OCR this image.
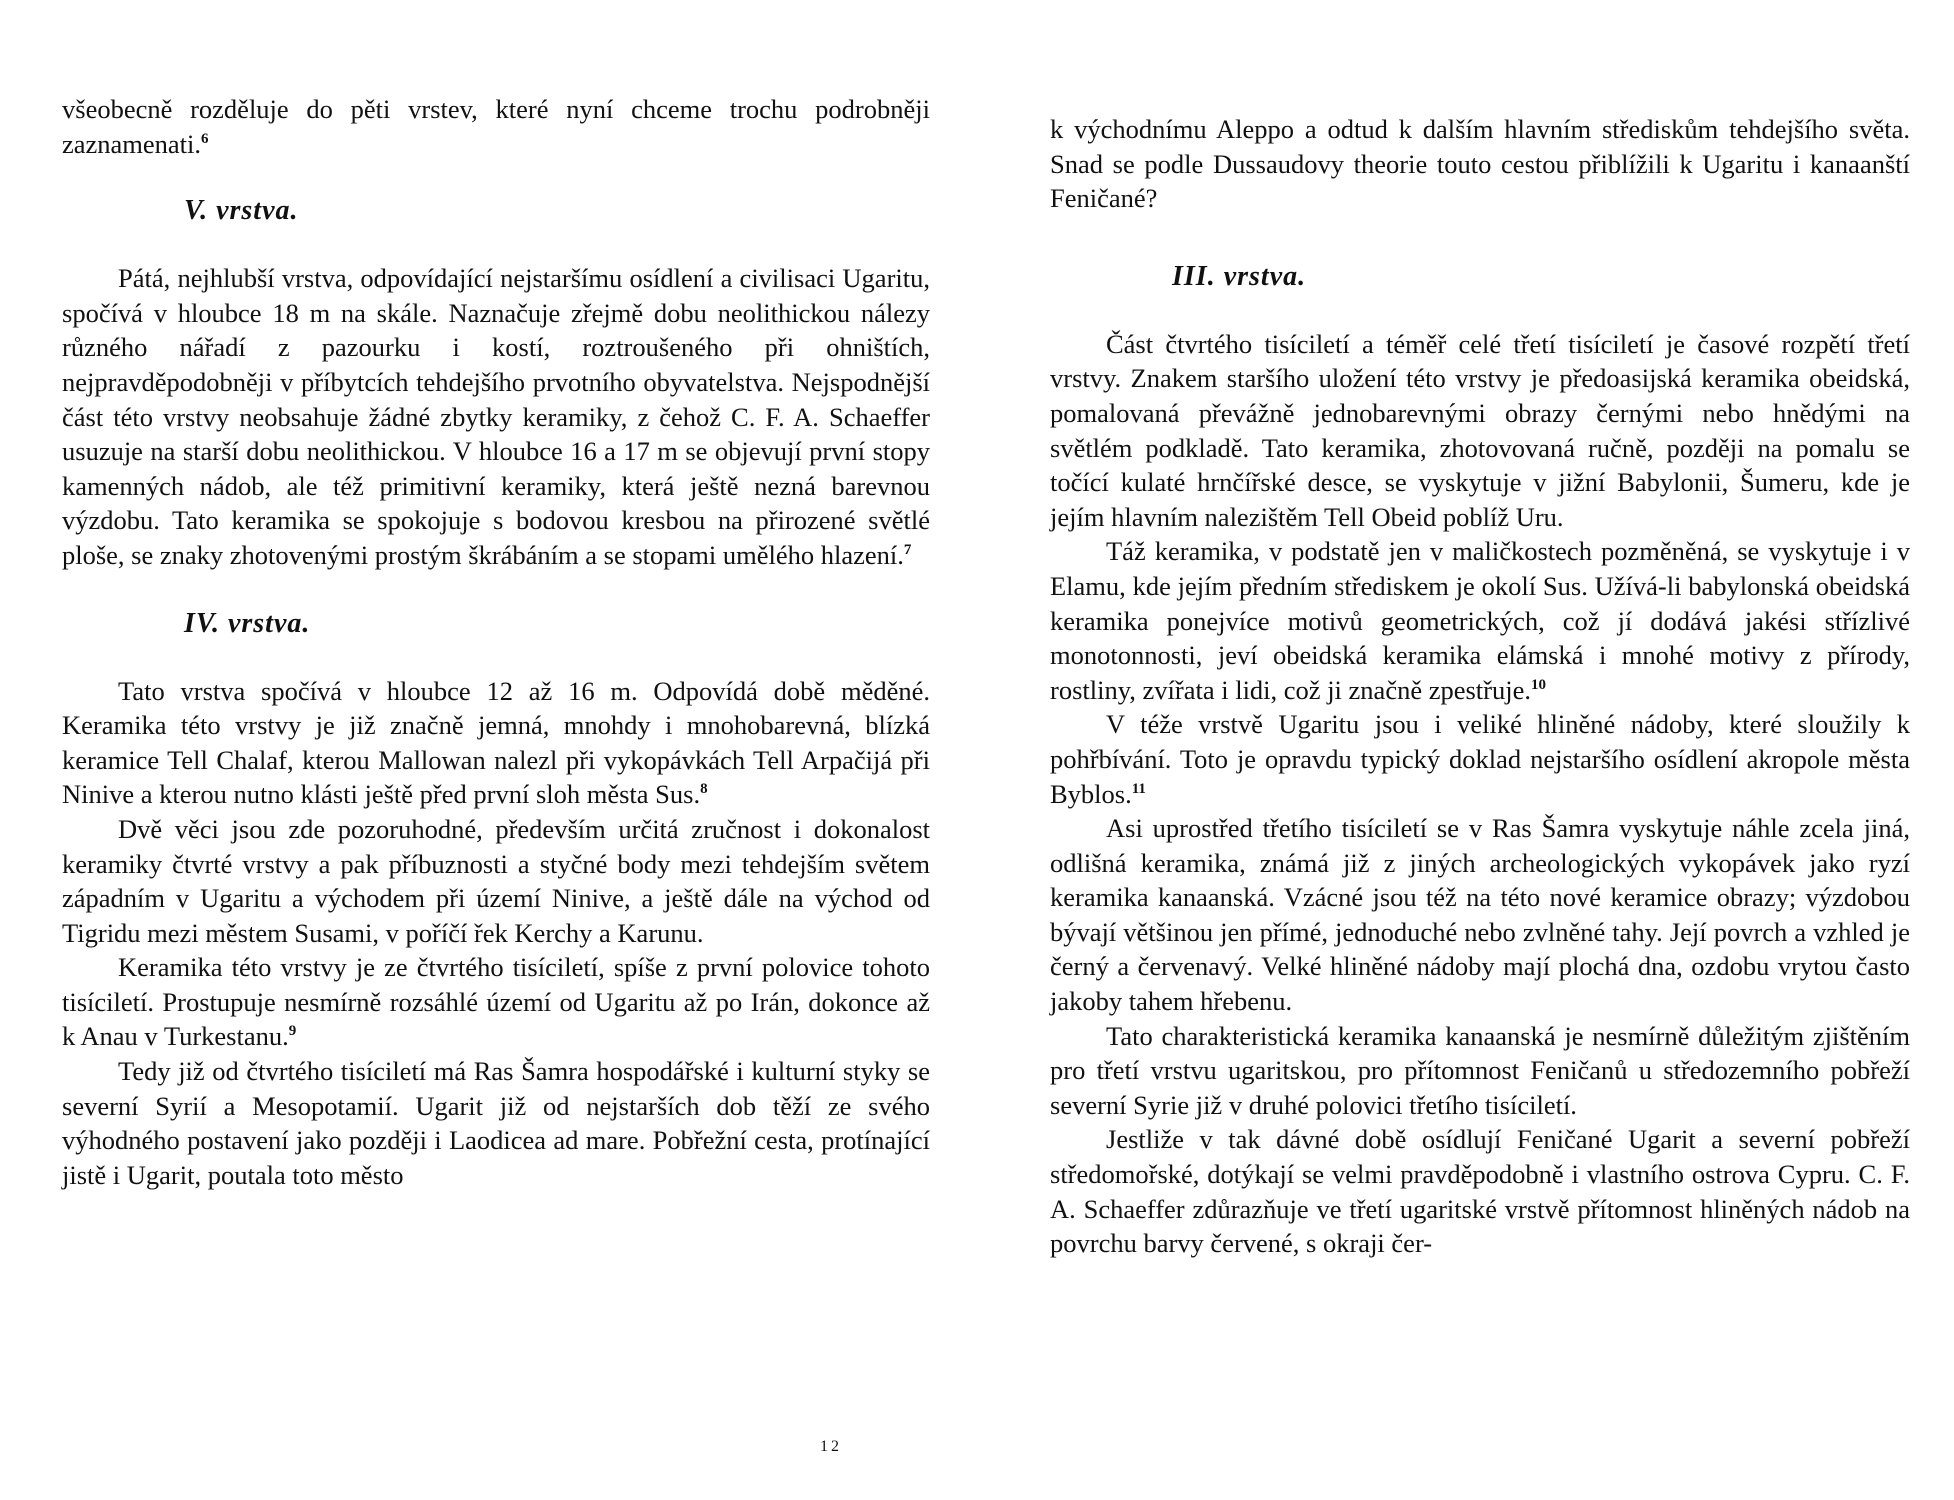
všeobecně rozděluje do pěti vrstev, které nyní chceme trochu podrobněji zaznamenati.$^6$

V. vrstva.

Pátá, nejhlubší vrstva, odpovídající nejstaršímu osídlení a civilisaci Ugaritu, spočívá v hloubce 18 m na skále. Naznačuje zřejmě dobu neolithickou nálezy různého nářadí z pazourku i kostí, roztroušeného při ohništích, nejpravděpodobněji v příbytcích tehdejšího prvotního obyvatelstva. Nejspodnější část této vrstvy neobsahuje žádné zbytky keramiky, z čehož C. F. A. Schaeffer usuzuje na starší dobu neolithickou. V hloubce 16 a 17 m se objevují první stopy kamenných nádob, ale též primitivní keramiky, která ještě nezná barevnou výzdobu. Tato keramika se spokojuje s bodovou kresbou na přirozené světlé ploše, se znaky zhotovenými prostým škrábáním a se stopami umělého hlazení.$^7$

IV. vrstva.

Tato vrstva spočívá v hloubce 12 až 16 m. Odpovídá době měděné. Keramika této vrstvy je již značně jemná, mnohdy i mnohobarevná, blízká keramice Tell Chalaf, kterou Mallowan nalezl při vykopávkách Tell Arpačijá při Ninive a kterou nutno klásti ještě před první sloh města Sus.$^8$

Dvě věci jsou zde pozoruhodné, především určitá zručnost i dokonalost keramiky čtvrté vrstvy a pak příbuznosti a styčné body mezi tehdejším světem západním v Ugaritu a východem při území Ninive, a ještě dále na východ od Tigridu mezi městem Susami, v poříčí řek Kerchy a Karunu.

Keramika této vrstvy je ze čtvrtého tisíciletí, spíše z první polovice tohoto tisíciletí. Prostupuje nesmírně rozsáhlé území od Ugaritu až po Irán, dokonce až k Anau v Turkestanu.$^9$

Tedy již od čtvrtého tisíciletí má Ras Šamra hospodářské i kulturní styky se severní Syrií a Mesopotamií. Ugarit již od nejstarších dob těží ze svého výhodného postavení jako později i Laodicea ad mare. Pobřežní cesta, protínající jistě i Ugarit, poutala toto město

12

k východnímu Aleppo a odtud k dalším hlavním střediskům tehdejšího světa. Snad se podle Dussaudovy theorie touto cestou přiblížili k Ugaritu i kanaanští Feničané?

III. vrstva.

Část čtvrtého tisíciletí a téměř celé třetí tisíciletí je časové rozpětí třetí vrstvy. Znakem staršího uložení této vrstvy je předoasijská keramika obeidská, pomalovaná převážně jednobarevnými obrazy černými nebo hnědými na světlém podkladě. Tato keramika, zhotovovaná ručně, později na pomalu se točící kulaté hrnčířské desce, se vyskytuje v jižní Babylonii, Šumeru, kde je jejím hlavním nalezištěm Tell Obeid poblíž Uru.

Táž keramika, v podstatě jen v maličkostech pozměněná, se vyskytuje i v Elamu, kde jejím předním střediskem je okolí Sus. Užívá-li babylonská obeidská keramika ponejvíce motivů geometrických, což jí dodává jakési střízlivé monotonnosti, jeví obeidská keramika elámská i mnohé motivy z přírody, rostliny, zvířata i lidi, což ji značně zpestřuje.$^{10}$

V téže vrstvě Ugaritu jsou i veliké hliněné nádoby, které sloužily k pohřbívání. Toto je opravdu typický doklad nejstaršího osídlení akropole města Byblos.$^{11}$

Asi uprostřed třetího tisíciletí se v Ras Šamra vyskytuje náhle zcela jiná, odlišná keramika, známá již z jiných archeologických vykopávek jako ryzí keramika kanaanská. Vzácné jsou též na této nové keramice obrazy; výzdobou bývají většinou jen přímé, jednoduché nebo zvlněné tahy. Její povrch a vzhled je černý a červenavý. Velké hliněné nádoby mají plochá dna, ozdobu vrytou často jakoby tahem hřebenu.

Tato charakteristická keramika kanaanská je nesmírně důležitým zjištěním pro třetí vrstvu ugaritskou, pro přítomnost Feničanů u středozemního pobřeží severní Syrie již v druhé polovici třetího tisíciletí.

Jestliže v tak dávné době osídlují Feničané Ugarit a severní pobřeží středomořské, dotýkají se velmi pravděpodobně i vlastního ostrova Cypru. C. F. A. Schaeffer zdůrazňuje ve třetí ugaritské vrstvě přítomnost hliněných nádob na povrchu barvy červené, s okraji čer-
